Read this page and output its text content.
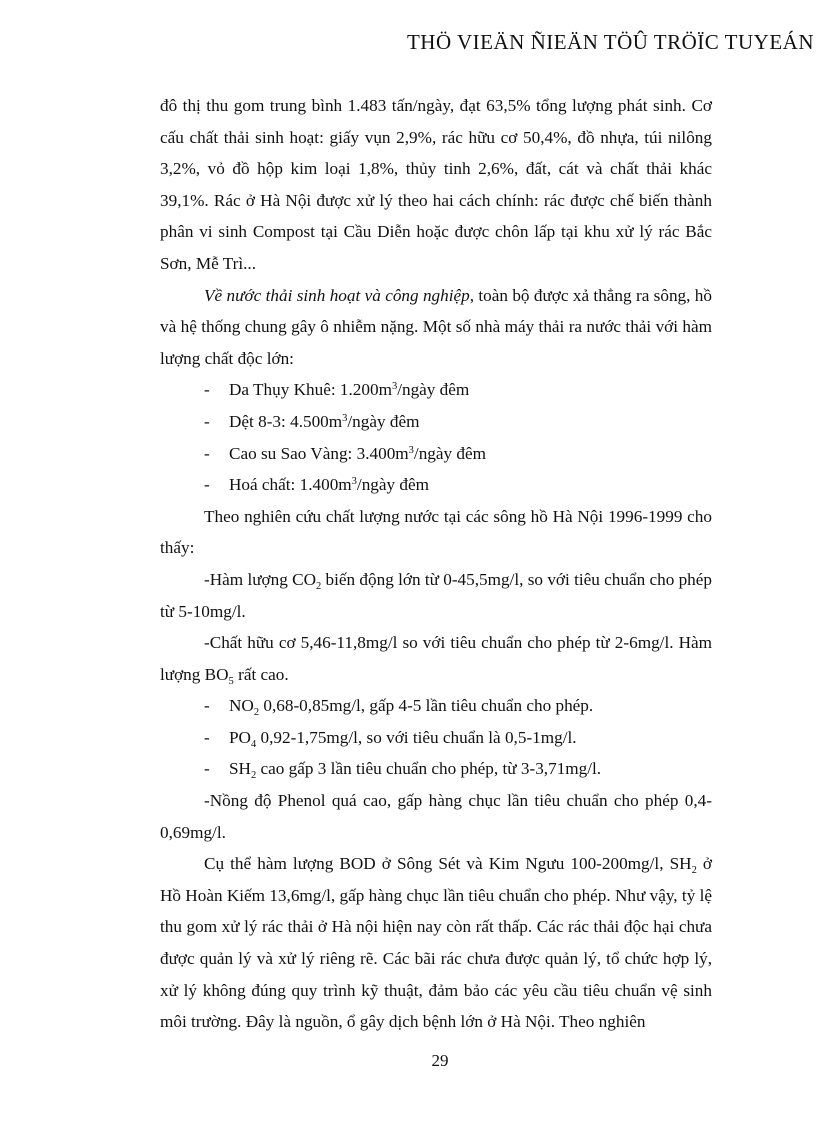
THÖ VIEÄN ÑIEÄN TÖÛ TRÖÏC TUYEÁN

đô thị thu gom trung bình 1.483 tấn/ngày, đạt 63,5% tổng lượng phát sinh. Cơ cấu chất thải sinh hoạt: giấy vụn 2,9%, rác hữu cơ 50,4%, đồ nhựa, túi nilông 3,2%, vỏ đồ hộp kim loại 1,8%, thủy tinh 2,6%, đất, cát và chất thải khác 39,1%. Rác ở Hà Nội được xử lý theo hai cách chính: rác được chế biến thành phân vi sinh Compost tại Cầu Diễn hoặc được chôn lấp tại khu xử lý rác Bắc Sơn, Mễ Trì...

Về nước thải sinh hoạt và công nghiệp, toàn bộ được xả thẳng ra sông, hồ và hệ thống chung gây ô nhiễm nặng. Một số nhà máy thải ra nước thải với hàm lượng chất độc lớn:

- Da Thụy Khuê: $1.200m^3$/ngày đêm

- Dệt 8-3: $4.500m^3$/ngày đêm

- Cao su Sao Vàng: $3.400m^3$/ngày đêm

- Hoá chất: $1.400m^3$/ngày đêm

Theo nghiên cứu chất lượng nước tại các sông hồ Hà Nội 1996-1999 cho thấy:

-Hàm lượng $CO_2$ biến động lớn từ 0-45,5mg/l, so với tiêu chuẩn cho phép từ 5-10mg/l.

-Chất hữu cơ 5,46-11,8mg/l so với tiêu chuẩn cho phép từ 2-6mg/l. Hàm lượng $BO_5$ rất cao.

- $NO_2$ 0,68-0,85mg/l, gấp 4-5 lần tiêu chuẩn cho phép.

- $PO_4$ 0,92-1,75mg/l, so với tiêu chuẩn là 0,5-1mg/l.

- $SH_2$ cao gấp 3 lần tiêu chuẩn cho phép, từ 3-3,71mg/l.

-Nồng độ Phenol quá cao, gấp hàng chục lần tiêu chuẩn cho phép 0,4-0,69mg/l.

Cụ thể hàm lượng BOD ở Sông Sét và Kim Ngưu 100-200mg/l, $SH_2$ ở Hồ Hoàn Kiếm 13,6mg/l, gấp hàng chục lần tiêu chuẩn cho phép. Như vậy, tỷ lệ thu gom xử lý rác thải ở Hà nội hiện nay còn rất thấp. Các rác thải độc hại chưa được quản lý và xử lý riêng rẽ. Các bãi rác chưa được quản lý, tổ chức hợp lý, xử lý không đúng quy trình kỹ thuật, đảm bảo các yêu cầu tiêu chuẩn vệ sinh môi trường. Đây là nguồn, ổ gây dịch bệnh lớn ở Hà Nội. Theo nghiên

29
